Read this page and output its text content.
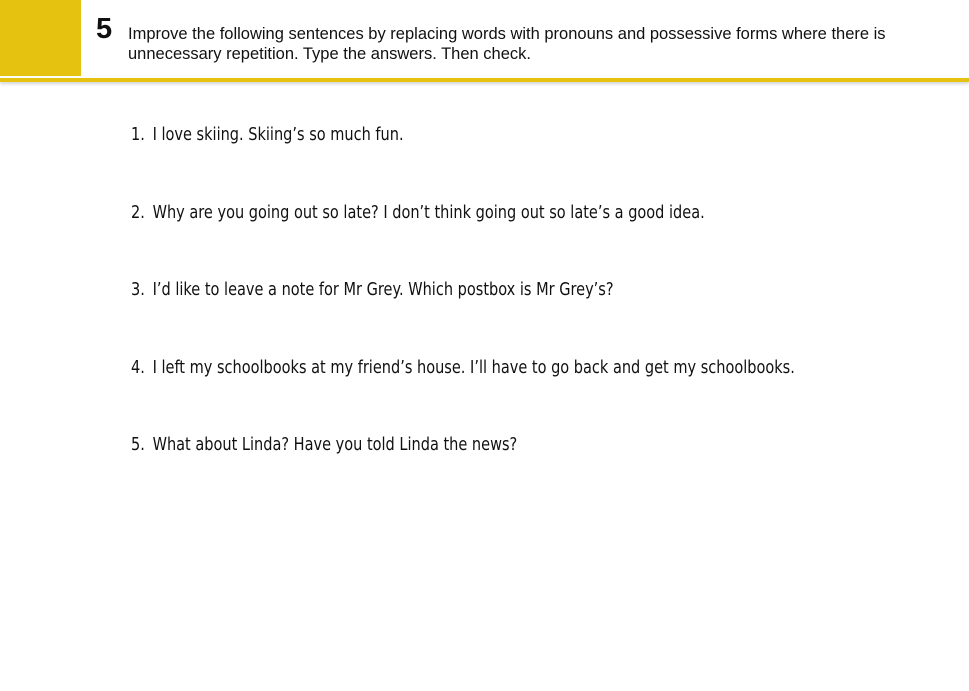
5 Improve the following sentences by replacing words with pronouns and possessive forms where there is unnecessary repetition. Type the answers. Then check.
1. I love skiing. Skiing’s so much fun.
2. Why are you going out so late? I don’t think going out so late’s a good idea.
3. I’d like to leave a note for Mr Grey. Which postbox is Mr Grey’s?
4. I left my schoolbooks at my friend’s house. I’ll have to go back and get my schoolbooks.
5. What about Linda? Have you told Linda the news?
